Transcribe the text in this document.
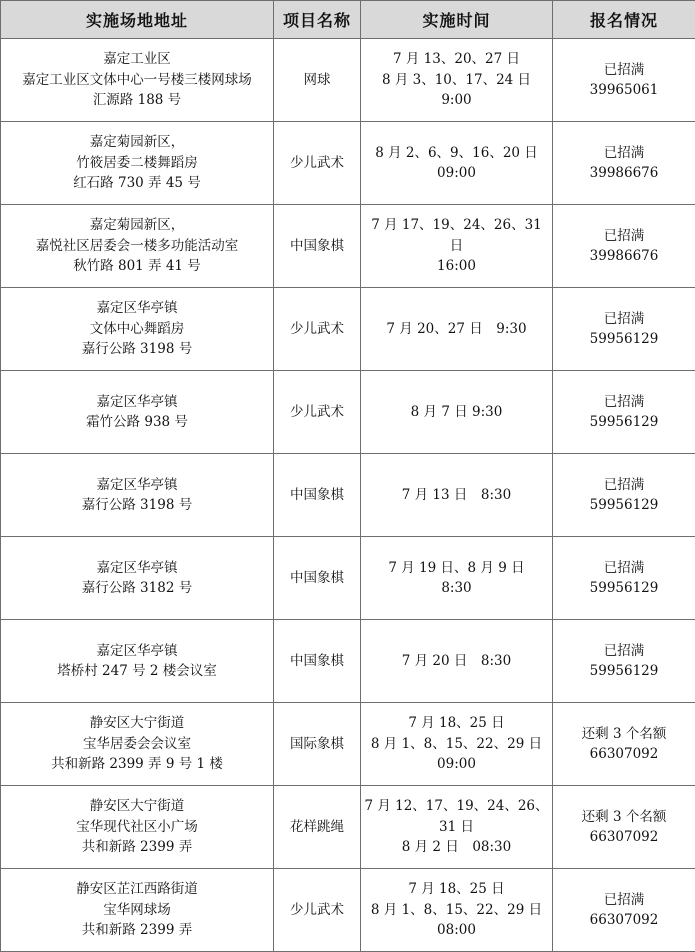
实施场地地址	项目名称	实施时间	报名情况

嘉定工业区
嘉定工业区文体中心一号楼三楼网球场
汇源路 188 号	网球	7 月 13、20、27 日
8 月 3、10、17、24 日
9:00	已招满
39965061

嘉定菊园新区，
竹筱居委二楼舞蹈房
红石路 730 弄 45 号	少儿武术	8 月 2、6、9、16、20 日
09:00	已招满
39986676

嘉定菊园新区，
嘉悦社区居委会一楼多功能活动室
秋竹路 801 弄 41 号	中国象棋	7 月 17、19、24、26、31 日
16:00	已招满
39986676

嘉定区华亭镇
文体中心舞蹈房
嘉行公路 3198 号	少儿武术	7 月 20、27 日　9:30	已招满
59956129

嘉定区华亭镇
霜竹公路 938 号	少儿武术	8 月 7 日 9:30	已招满
59956129

嘉定区华亭镇
嘉行公路 3198 号	中国象棋	7 月 13 日　8:30	已招满
59956129

嘉定区华亭镇
嘉行公路 3182 号	中国象棋	7 月 19 日、8 月 9 日
8:30	已招满
59956129

嘉定区华亭镇
塔桥村 247 号 2 楼会议室	中国象棋	7 月 20 日　8:30	已招满
59956129

静安区大宁街道
宝华居委会会议室
共和新路 2399 弄 9 号 1 楼	国际象棋	7 月 18、25 日
8 月 1、8、15、22、29 日
09:00	还剩 3 个名额
66307092

静安区大宁街道
宝华现代社区小广场
共和新路 2399 弄	花样跳绳	7 月 12、17、19、24、26、
31 日
8 月 2 日　08:30	还剩 3 个名额
66307092

静安区芷江西路街道
宝华网球场
共和新路 2399 弄	少儿武术	7 月 18、25 日
8 月 1、8、15、22、29 日
08:00	已招满
66307092
